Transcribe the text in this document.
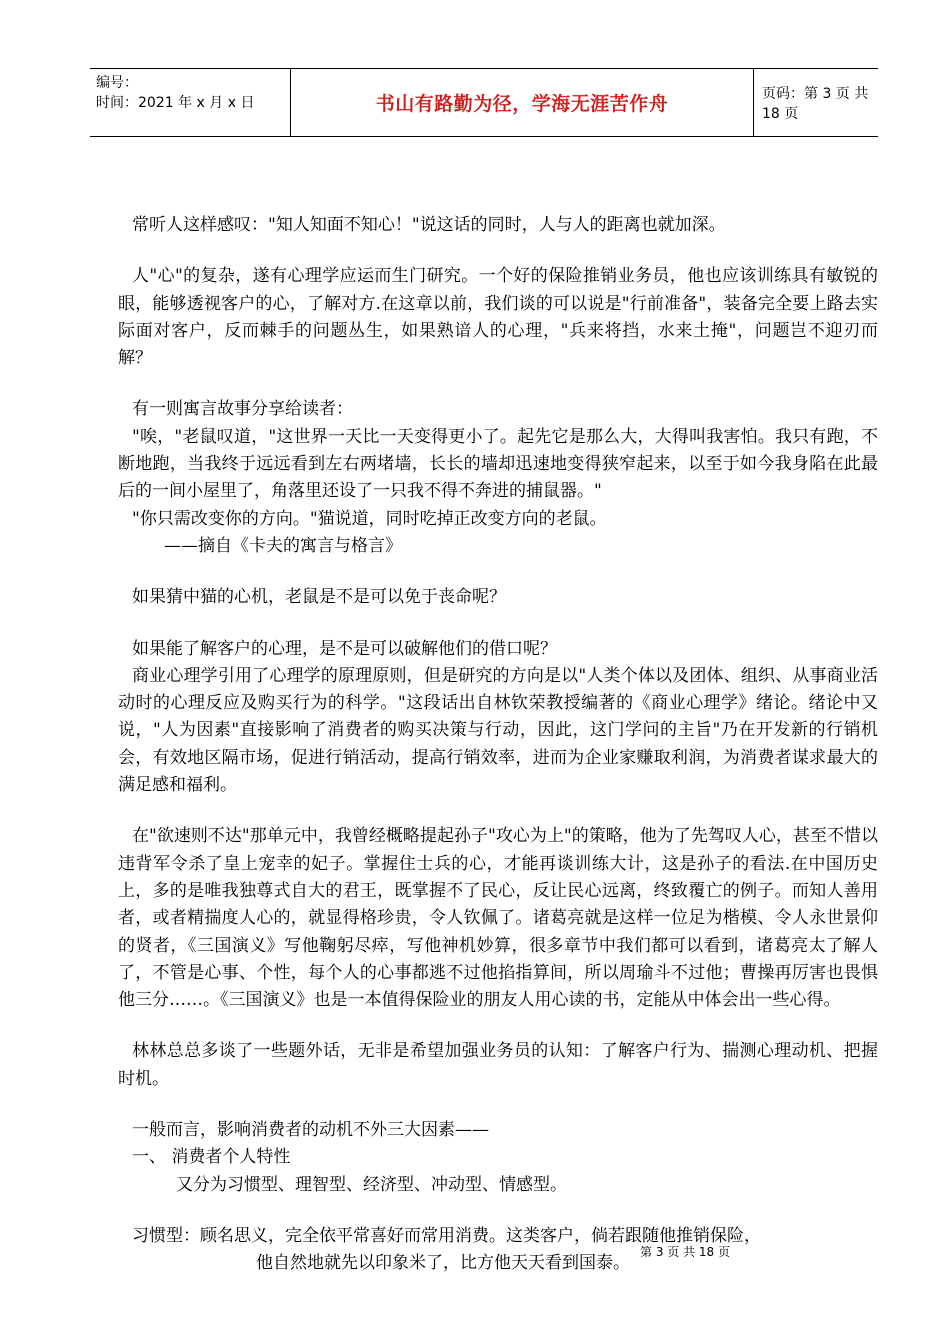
编号：
时间：2021 年 x 月 x 日	书山有路勤为径，学海无涯苦作舟	页码：第 3 页 共 18 页

常听人这样感叹："知人知面不知心！"说这话的同时，人与人的距离也就加深。

人"心"的复杂，遂有心理学应运而生门研究。一个好的保险推销业务员，他也应该训练具有敏锐的眼，能够透视客户的心，了解对方.在这章以前，我们谈的可以说是"行前准备"，装备完全要上路去实际面对客户，反而棘手的问题丛生，如果熟谙人的心理，"兵来将挡，水来土掩"，问题岂不迎刃而解？

有一则寓言故事分享给读者：

"唉，"老鼠叹道，"这世界一天比一天变得更小了。起先它是那么大，大得叫我害怕。我只有跑，不断地跑，当我终于远远看到左右两堵墙，长长的墙却迅速地变得狭窄起来，以至于如今我身陷在此最后的一间小屋里了，角落里还设了一只我不得不奔进的捕鼠器。"

"你只需改变你的方向。"猫说道，同时吃掉正改变方向的老鼠。

——摘自《卡夫的寓言与格言》

如果猜中猫的心机，老鼠是不是可以免于丧命呢？

如果能了解客户的心理，是不是可以破解他们的借口呢？

商业心理学引用了心理学的原理原则，但是研究的方向是以"人类个体以及团体、组织、从事商业活动时的心理反应及购买行为的科学。"这段话出自林钦荣教授编著的《商业心理学》绪论。绪论中又说，"人为因素"直接影响了消费者的购买决策与行动，因此，这门学问的主旨"乃在开发新的行销机会，有效地区隔市场，促进行销活动，提高行销效率，进而为企业家赚取利润，为消费者谋求最大的满足感和福利。

在"欲速则不达"那单元中，我曾经概略提起孙子"攻心为上"的策略，他为了先驾叹人心，甚至不惜以违背军令杀了皇上宠幸的妃子。掌握住士兵的心，才能再谈训练大计，这是孙子的看法.在中国历史上，多的是唯我独尊式自大的君王，既掌握不了民心，反让民心远离，终致覆亡的例子。而知人善用者，或者精揣度人心的，就显得格珍贵，令人钦佩了。诸葛亮就是这样一位足为楷模、令人永世景仰的贤者，《三国演义》写他鞠躬尽瘁，写他神机妙算，很多章节中我们都可以看到，诸葛亮太了解人了，不管是心事、个性，每个人的心事都逃不过他掐指算间，所以周瑜斗不过他；曹操再厉害也畏惧他三分……。《三国演义》也是一本值得保险业的朋友人用心读的书，定能从中体会出一些心得。

林林总总多谈了一些题外话，无非是希望加强业务员的认知：了解客户行为、揣测心理动机、把握时机。

一般而言，影响消费者的动机不外三大因素——

一、 消费者个人特性

又分为习惯型、理智型、经济型、冲动型、情感型。

习惯型：顾名思义，完全依平常喜好而常用消费。这类客户，倘若跟随他推销保险，

他自然地就先以印象米了，比方他天天看到国泰。

第 3 页 共 18 页
